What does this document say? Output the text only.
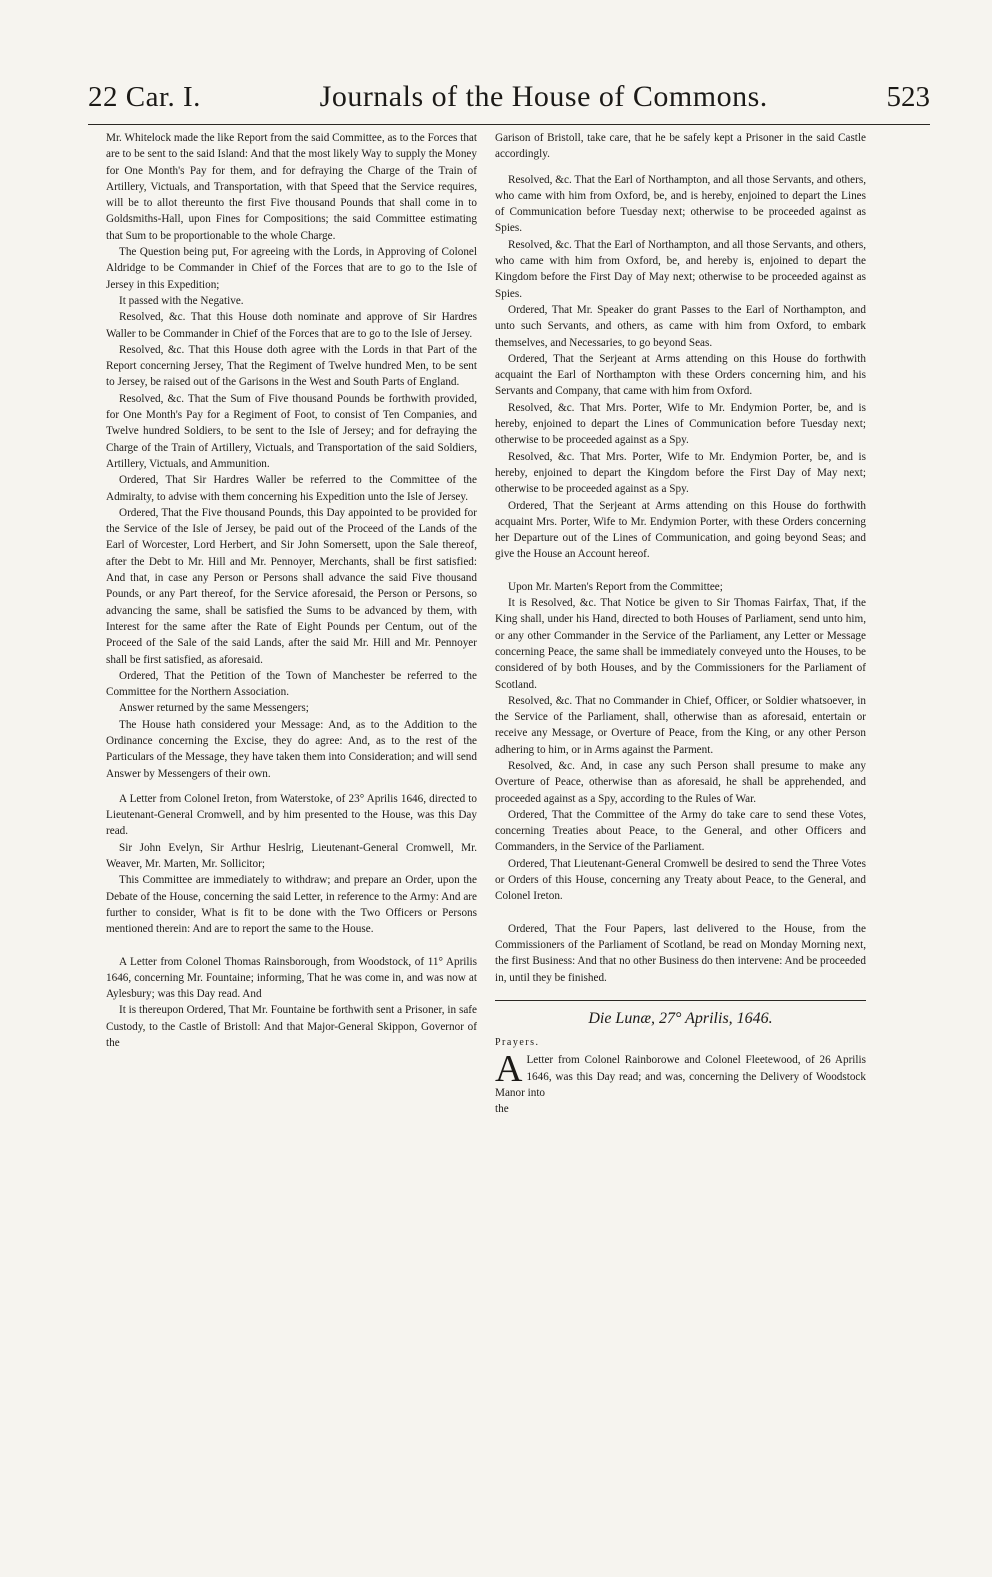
22 Car. I.	Journals of the House of Commons.	523

Mr. Whitelock made the like Report from the said Committee, as to the Forces that are to be sent to the said Island: And that the most likely Way to supply the Money for One Month's Pay for them, and for defraying the Charge of the Train of Artillery, Victuals, and Transportation, with that Speed that the Service requires, will be to allot thereunto the first Five thousand Pounds that shall come in to Goldsmiths-Hall, upon Fines for Compositions; the said Committee estimating that Sum to be proportionable to the whole Charge.

The Question being put, For agreeing with the Lords, in Approving of Colonel Aldridge to be Commander in Chief of the Forces that are to go to the Isle of Jersey in this Expedition;

It passed with the Negative.

Resolved, &c. That this House doth nominate and approve of Sir Hardres Waller to be Commander in Chief of the Forces that are to go to the Isle of Jersey.

Resolved, &c. That this House doth agree with the Lords in that Part of the Report concerning Jersey, That the Regiment of Twelve hundred Men, to be sent to Jersey, be raised out of the Garisons in the West and South Parts of England.

Resolved, &c. That the Sum of Five thousand Pounds be forthwith provided, for One Month's Pay for a Regiment of Foot, to consist of Ten Companies, and Twelve hundred Soldiers, to be sent to the Isle of Jersey; and for defraying the Charge of the Train of Artillery, Victuals, and Transportation of the said Soldiers, Artillery, Victuals, and Ammunition.

Ordered, That Sir Hardres Waller be referred to the Committee of the Admiralty, to advise with them concerning his Expedition unto the Isle of Jersey.

Ordered, That the Five thousand Pounds, this Day appointed to be provided for the Service of the Isle of Jersey, be paid out of the Proceed of the Lands of the Earl of Worcester, Lord Herbert, and Sir John Somersett, upon the Sale thereof, after the Debt to Mr. Hill and Mr. Pennoyer, Merchants, shall be first satisfied: And that, in case any Person or Persons shall advance the said Five thousand Pounds, or any Part thereof, for the Service aforesaid, the Person or Persons, so advancing the same, shall be satisfied the Sums to be advanced by them, with Interest for the same after the Rate of Eight Pounds per Centum, out of the Proceed of the Sale of the said Lands, after the said Mr. Hill and Mr. Pennoyer shall be first satisfied, as aforesaid.

Ordered, That the Petition of the Town of Manchester be referred to the Committee for the Northern Association.

Answer returned by the same Messengers;

The House hath considered your Message: And, as to the Addition to the Ordinance concerning the Excise, they do agree: And, as to the rest of the Particulars of the Message, they have taken them into Consideration; and will send Answer by Messengers of their own.

A Letter from Colonel Ireton, from Waterstoke, of 23° Aprilis 1646, directed to Lieutenant-General Cromwell, and by him presented to the House, was this Day read.

Sir John Evelyn, Sir Arthur Heslrig, Lieutenant-General Cromwell, Mr. Weaver, Mr. Marten, Mr. Sollicitor;

This Committee are immediately to withdraw; and prepare an Order, upon the Debate of the House, concerning the said Letter, in reference to the Army: And are further to consider, What is fit to be done with the Two Officers or Persons mentioned therein: And are to report the same to the House.

A Letter from Colonel Thomas Rainsborough, from Woodstock, of 11° Aprilis 1646, concerning Mr. Fountaine; informing, That he was come in, and was now at Aylesbury; was this Day read. And

It is thereupon Ordered, That Mr. Fountaine be forthwith sent a Prisoner, in safe Custody, to the Castle of Bristoll: And that Major-General Skippon, Governor of the

Garison of Bristoll, take care, that he be safely kept a Prisoner in the said Castle accordingly.

Resolved, &c. That the Earl of Northampton, and all those Servants, and others, who came with him from Oxford, be, and is hereby, enjoined to depart the Lines of Communication before Tuesday next; otherwise to be proceeded against as Spies.

Resolved, &c. That the Earl of Northampton, and all those Servants, and others, who came with him from Oxford, be, and hereby is, enjoined to depart the Kingdom before the First Day of May next; otherwise to be proceeded against as Spies.

Ordered, That Mr. Speaker do grant Passes to the Earl of Northampton, and unto such Servants, and others, as came with him from Oxford, to embark themselves, and Necessaries, to go beyond Seas.

Ordered, That the Serjeant at Arms attending on this House do forthwith acquaint the Earl of Northampton with these Orders concerning him, and his Servants and Company, that came with him from Oxford.

Resolved, &c. That Mrs. Porter, Wife to Mr. Endymion Porter, be, and is hereby, enjoined to depart the Lines of Communication before Tuesday next; otherwise to be proceeded against as a Spy.

Resolved, &c. That Mrs. Porter, Wife to Mr. Endymion Porter, be, and is hereby, enjoined to depart the Kingdom before the First Day of May next; otherwise to be proceeded against as a Spy.

Ordered, That the Serjeant at Arms attending on this House do forthwith acquaint Mrs. Porter, Wife to Mr. Endymion Porter, with these Orders concerning her Departure out of the Lines of Communication, and going beyond Seas; and give the House an Account hereof.

Upon Mr. Marten's Report from the Committee;

It is Resolved, &c. That Notice be given to Sir Thomas Fairfax, That, if the King shall, under his Hand, directed to both Houses of Parliament, send unto him, or any other Commander in the Service of the Parliament, any Letter or Message concerning Peace, the same shall be immediately conveyed unto the Houses, to be considered of by both Houses, and by the Commissioners for the Parliament of Scotland.

Resolved, &c. That no Commander in Chief, Officer, or Soldier whatsoever, in the Service of the Parliament, shall, otherwise than as aforesaid, entertain or receive any Message, or Overture of Peace, from the King, or any other Person adhering to him, or in Arms against the Parment.

Resolved, &c. And, in case any such Person shall presume to make any Overture of Peace, otherwise than as aforesaid, he shall be apprehended, and proceeded against as a Spy, according to the Rules of War.

Ordered, That the Committee of the Army do take care to send these Votes, concerning Treaties about Peace, to the General, and other Officers and Commanders, in the Service of the Parliament.

Ordered, That Lieutenant-General Cromwell be desired to send the Three Votes or Orders of this House, concerning any Treaty about Peace, to the General, and Colonel Ireton.

Ordered, That the Four Papers, last delivered to the House, from the Commissioners of the Parliament of Scotland, be read on Monday Morning next, the first Business: And that no other Business do then intervene: And be proceeded in, until they be finished.

Die Lunæ, 27° Aprilis, 1646.

Prayers.

A Letter from Colonel Rainborowe and Colonel Fleetewood, of 26 Aprilis 1646, was this Day read; and was, concerning the Delivery of Woodstock Manor into

the
